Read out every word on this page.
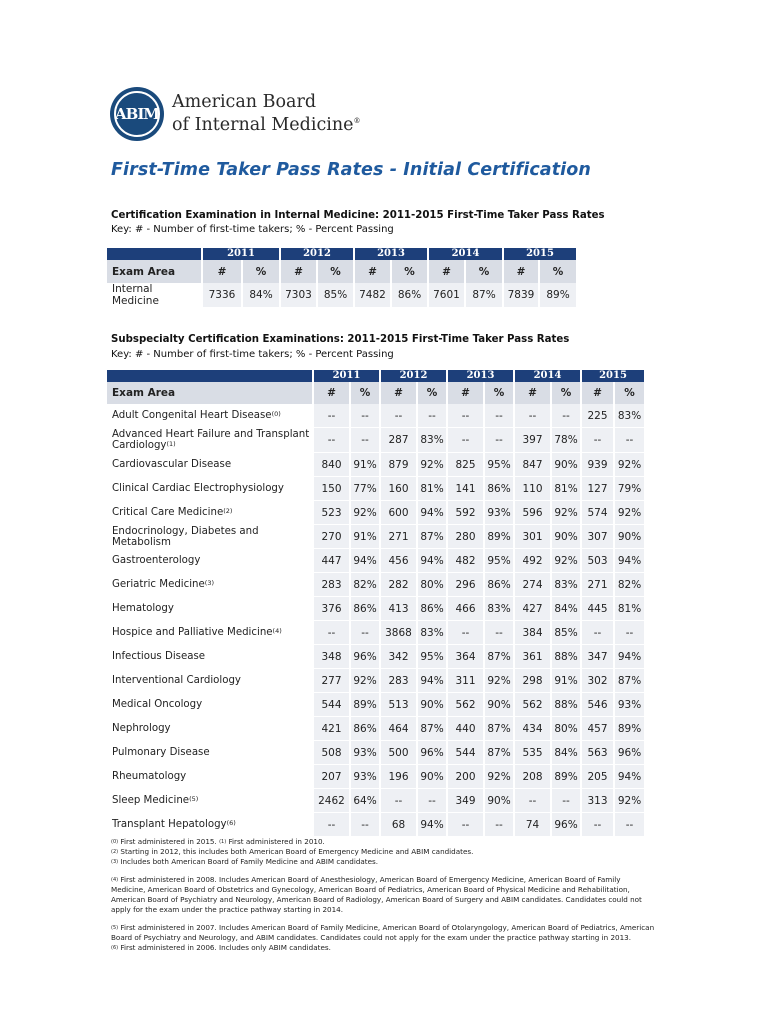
ABIM
American Board
of Internal Medicine®
First-Time Taker Pass Rates - Initial Certification
Certification Examination in Internal Medicine: 2011-2015 First-Time Taker Pass Rates
Key: # - Number of first-time takers; % - Percent Passing
	2011		2012		2013		2014		2015	
Exam Area	#	%	#	%	#	%	#	%	#	%
Internal Medicine	7336	84%	7303	85%	7482	86%	7601	87%	7839	89%
Subspecialty Certification Examinations: 2011-2015 First-Time Taker Pass Rates
Key: # - Number of first-time takers; % - Percent Passing
	2011		2012		2013		2014		2015	
Exam Area	#	%	#	%	#	%	#	%	#	%
Adult Congenital Heart Disease$^{(0)}$	--	--	--	--	--	--	--	--	225	83%
Advanced Heart Failure and Transplant
Cardiology$^{(1)}$	--	--	287	83%	--	--	397	78%	--	--
Cardiovascular Disease	840	91%	879	92%	825	95%	847	90%	939	92%
Clinical Cardiac Electrophysiology	150	77%	160	81%	141	86%	110	81%	127	79%
Critical Care Medicine$^{(2)}$	523	92%	600	94%	592	93%	596	92%	574	92%
Endocrinology, Diabetes and Metabolism	270	91%	271	87%	280	89%	301	90%	307	90%
Gastroenterology	447	94%	456	94%	482	95%	492	92%	503	94%
Geriatric Medicine$^{(3)}$	283	82%	282	80%	296	86%	274	83%	271	82%
Hematology	376	86%	413	86%	466	83%	427	84%	445	81%
Hospice and Palliative Medicine$^{(4)}$	--	--	3868	83%	--	--	384	85%	--	--
Infectious Disease	348	96%	342	95%	364	87%	361	88%	347	94%
Interventional Cardiology	277	92%	283	94%	311	92%	298	91%	302	87%
Medical Oncology	544	89%	513	90%	562	90%	562	88%	546	93%
Nephrology	421	86%	464	87%	440	87%	434	80%	457	89%
Pulmonary Disease	508	93%	500	96%	544	87%	535	84%	563	96%
Rheumatology	207	93%	196	90%	200	92%	208	89%	205	94%
Sleep Medicine$^{(5)}$	2462	64%	--	--	349	90%	--	--	313	92%
Transplant Hepatology$^{(6)}$	--	--	68	94%	--	--	74	96%	--	--

$^{(0)}$ First administered in 2015. $^{(1)}$ First administered in 2010.

$^{(2)}$ Starting in 2012, this includes both American Board of Emergency Medicine and ABIM candidates.

$^{(3)}$ Includes both American Board of Family Medicine and ABIM candidates.

$^{(4)}$ First administered in 2008. Includes American Board of Anesthesiology, American Board of Emergency Medicine, American Board of Family Medicine, American Board of Obstetrics and Gynecology, American Board of Pediatrics, American Board of Physical Medicine and Rehabilitation, American Board of Psychiatry and Neurology, American Board of Radiology, American Board of Surgery and ABIM candidates. Candidates could not apply for the exam under the practice pathway starting in 2014.

$^{(5)}$ First administered in 2007. Includes American Board of Family Medicine, American Board of Otolaryngology, American Board of Pediatrics, American Board of Psychiatry and Neurology, and ABIM candidates. Candidates could not apply for the exam under the practice pathway starting in 2013.

$^{(6)}$ First administered in 2006. Includes only ABIM candidates.
